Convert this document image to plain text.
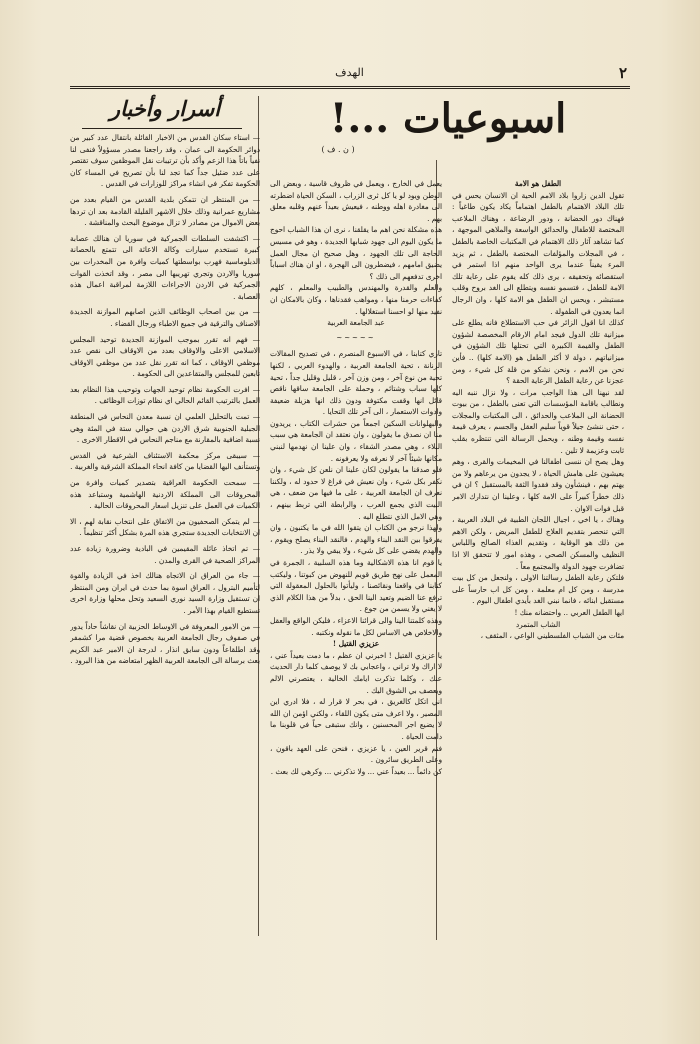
٢
الهدف
اسبوعيات ...!
( ن . ف )
أسرار وأخبار

الطفل هو الامة

تقول الدين زاروا بلاد الامم الحية ان الانسان يحس في تلك البلاد الاهتمام بالطفل اهتماماً يكاد يكون طاغياً : فهناك دور الحضانة ، ودور الرضاعة ، وهناك الملاعب المختصة للاطفال والحدائق الواسعة والملاهي الموجهة ، كما تشاهد آثار ذلك الاهتمام في المكتبات الخاصة بالطفل ، في المجلات والمؤلفات المختصة بالطفل ، ثم يزيد المرء يقيناً عندما يرى الواحد منهم اذا استمر في استقصائه وتحقيقه ، يرى ذلك كله يقوم على رعاية تلك الامة للطفل ، فتسمو نفسه ويتطلع الى الغد بروح وقلب مستبشر ، ويحس ان الطفل هو الامة كلها ، وان الرجال انما يعدون في الطفولة .

كذلك انا اقول الزائر في حب الاستطلاع فانه يطلع على ميزانية تلك الدول فيجد امام الارقام المخصصة لشؤون الطفل والقيمة الكبيرة التي تحتلها تلك الشؤون في ميزانياتهم ، دولة لا أكثر الطفل هو (الامة كلها) .. فأين نحن من الامم ، ونحن نشكو من قلة كل شيء ، ومن عجزنا عن رعاية الطفل الرعاية الحقة ؟

لقد نبهنا الى هذا الواجب مرات ، ولا نزال ننبه اليه ونطالب باقامة المؤسسات التي تعنى بالطفل ، من بيوت الحضانة الى الملاعب والحدائق ، الى المكتبات والمجلات ، حتى ننشئ جيلاً قوياً سليم العقل والجسم ، يعرف قيمة نفسه وقيمة وطنه ، ويحمل الرسالة التي تنتظره بقلب ثابت وعزيمة لا تلين .

وهل يصح ان ننسى اطفالنا في المخيمات والقرى ، وهم يعيشون على هامش الحياة ، لا يجدون من يرعاهم ولا من يهتم بهم ، فينشأون وقد فقدوا الثقة بالمستقبل ؟ ان في ذلك خطراً كبيراً على الامة كلها ، وعلينا ان نتدارك الامر قبل فوات الاوان .

وهناك ، يا اخي ، اجيال اللجان الطبية في البلاد العربية ، التي تنحصر بتقديم العلاج للطفل المريض ، ولكن الاهم من ذلك هو الوقاية ، وتقديم الغذاء الصالح واللباس النظيف والمسكن الصحي ، وهذه امور لا تتحقق الا اذا تضافرت جهود الدولة والمجتمع معاً .

فلتكن رعاية الطفل رسالتنا الاولى ، ولنجعل من كل بيت مدرسة ، ومن كل ام معلمة ، ومن كل اب حارساً على مستقبل ابنائه ، فانما نبني الغد بأيدي اطفال اليوم .

ايها الطفل العربي .. واحتضانه منك !

الشاب المتمرد

مئات من الشباب الفلسطيني الواعي ، المثقف ،

يعمل في الخارج ، ويعمل في ظروف قاسية ، وبعض الى الوطن ويود لو يا كل ثرى الزراب ، السكن الحياة اضطرته الى مغادرة اهله ووطنه ، فيعيش بعيداً عنهم وقلبه معلق بهم .

هذه مشكلة نحن اهم ما يقلقنا ، نرى ان هذا الشباب احوج ما يكون اليوم الى جهود شبابها الجديدة ، وهو في مسيس الحاجة الى تلك الجهود ، وهل صحيح ان مجال العمل يضيق امامهم ، فيضطرون الى الهجرة ، او ان هناك اسباباً اخرى تدفعهم الى ذلك ؟

والعلم والقدرة والمهندس والطبيب والمعلم ، كلهم كفاءات حرمنا منها ، ومواهب فقدناها ، وكان بالامكان ان نفيد منها لو احسنا استغلالها .

عبد الجامعة العربية

~~~~~

تاري كتابنا ، في الاسبوع المنصرم ، في تصديح المقالات الرنانة ، تحية الجامعة العربية ، والهدوء العربي ، لكنها تحية من نوع آخر ، ومن وزن آخر ، قليل وقليل جداً ، تحية كلها سباب وشتائم ، وحملة على الجامعة ساقها ناقص قائل انها وقفت مكتوفة ودون ذلك انها هزيلة ضعيفة وادوات الاستعمار ، الى آخر تلك التحايا .

والبهلوانات السكين اجمعاً من حشرات الكتاب ، يريدون منا ان نصدق ما يقولون ، وان نعتقد ان الجامعة هي سبب البلاء ، وهي مصدر الشقاء ، وان علينا ان نهدمها لنبني مكانها شيئاً آخر لا نعرفه ولا يعرفونه .

فلو صدقنا ما يقولون لكان علينا ان نلعن كل شيء ، وان نكفر بكل شيء ، وان نعيش في فراغ لا حدود له ، ولكننا نعرف ان الجامعة العربية ، على ما فيها من ضعف ، هي البيت الذي يجمع العرب ، والرابطة التي تربط بينهم ، وهي الامل الذي نتطلع اليه .

ولهذا نرجو من الكتاب ان يتقوا الله في ما يكتبون ، وان يفرقوا بين النقد البناء والهدم ، فالنقد البناء يصلح ويقوم ، والهدم يقضي على كل شيء ، ولا يبقي ولا يذر .

يا قوم انا هذه الاشكالية وما هذه السلبية ، الجمرة في المعمل على نهج طريق قويم للنهوض من كبوتنا ، وليكتب كتابنا في واقعنا ونقائصنا ، وليأتوا بالحلول المعقولة التي ترفع عنا الضيم وتعيد الينا الحق ، بدلاً من هذا الكلام الذي لا يغني ولا يسمن من جوع .

وهذه كلمتنا الينا والى قرائنا الاعزاء ، فليكن الواقع والعقل والاخلاص هي الاساس لكل ما نقوله ونكتبه .

عزيزي القتيل !

يا عزيزي القتيل ! اخبرني ان عظم ، ما دمت بعيداً عني ، لا اراك ولا تراني ، واعجابي بك لا يوصف كلما دار الحديث عنك ، وكلما تذكرت ايامك الخالية ، يعتصرني الالم ويعصف بي الشوق اليك .

اني اتكل كالغريق ، في بحر لا قرار له ، فلا ادري اين المصير ، ولا اعرف متى يكون اللقاء ، ولكني اؤمن ان الله لا يضيع اجر المحسنين ، وانك ستبقى حياً في قلوبنا ما دامت الحياة .

فنم قرير العين ، يا عزيزي ، فنحن على العهد باقون ، وعلى الطريق سائرون .

كن دائماً ... بعيداً عني ... ولا تذكرني ... وكرهي لك بعث .

— استاء سكان القدس من الاخبار القائلة بانتقال عدد كبير من دوائر الحكومة الى عمان ، وقد راجعنا مصدر مسؤولاً فنفى لنا نفياً باتاً هذا الزعم وأكد بأن ترتيبات نقل الموظفين سوف تقتصر على عدد ضئيل جداً كما تجد لنا بأن تصريح في المساء كان الحكومة تفكر في انشاء مراكز للوزارات في القدس .

— من المنتظر ان تتمكن بلدية القدس من القيام بعدد من مشاريع عمرانية وذلك خلال الاشهر القليلة القادمة بعد ان تردها بعض الاموال من مصادر لا تزال موضوع البحث والمناقشة .

— اكتشفت السلطات الجمركية في سوريا ان هنالك عصابة كبيرة تستخدم سيارات وكالة الاعاثة الى تتمتع بالحصانة الدبلوماسية فهرب بواسطتها كميات وافرة من المخدرات بين سوريا والاردن وتجري تهريبها الى مصر ، وقد اتخذت القوات الجمركية في الاردن الاجراءات اللازمة لمراقبة اعمال هذه العصابة .

— من بين اصحاب الوظائف الذين اصابهم الموازنة الجديدة الاصناف والترقية في جميع الاطباء ورجال القضاء .

— فهم انه تقرر بموجب الموازنة الجديدة توحيد المجلس الاسلامي الاعلى والاوقاف بعدد من الاوقاف الى نقص عدد موظفي الاوقاف ، كما انه تقرر نقل عدد من موظفي الاوقاف تابعين للمجلس والمتقاعدين الى الحكومة .

— افرت الحكومة نظام توحيد الجهات وتوحيب هذا النظام بعد العمل بالترتيب القائم الحالي اي نظام توزات الوظائف .

— تمت بالتحليل العلمي ان نسبة معدن النحاس في المنطقة الجبلية الجنوبية شرق الاردن هي حوالي ستة في المئة وهي نسبة اضافية بالمقارنة مع مناجم النحاس في الاقطار الاخرى .

— سيبقى مركز محكمة الاستئناف الشرعية في القدس وتستأنف اليها القضايا من كافة انحاء المملكة الشرقية والغربية .

— سمحت الحكومة العراقية بتصدير كميات وافرة من المحروقات الى المملكة الاردنية الهاشمية وستباعد هذه الكميات في العمل على تنزيل اسعار المحروقات الحالية .

— لم يتمكن الصحفيون من الاتفاق على انتخاب نقابة لهم ، الا ان الانتخابات الجديدة ستجري هذه المرة بشكل أكثر تنظيماً .

— تم اتخاذ عائلة المقيمين في البادية وضرورة زيادة عدد المراكز الصحية في القرى والمدن .

— جاء من العراق ان الاتجاه هنالك اخذ في الزيادة والقوة لتأميم البترول ، العراق اسوة بما حدث في ايران ومن المنتظر ان تستقيل وزارة السيد نوري السعيد وتحل محلها وزارة اخرى تستطيع القيام بهذا الأمر .

— من الامور المعروفة في الاوساط الحزبية ان نقاشاً حاداً يدور في صفوف رجال الجامعة العربية بخصوص قضية مرا كشمفر وقد اطلقاعاً ودون سابق انذار ، لدرجة ان الامير عبد الكريم بعث برسالة الى الجامعة العربية الظهر امتعاضه من هذا البرود .
